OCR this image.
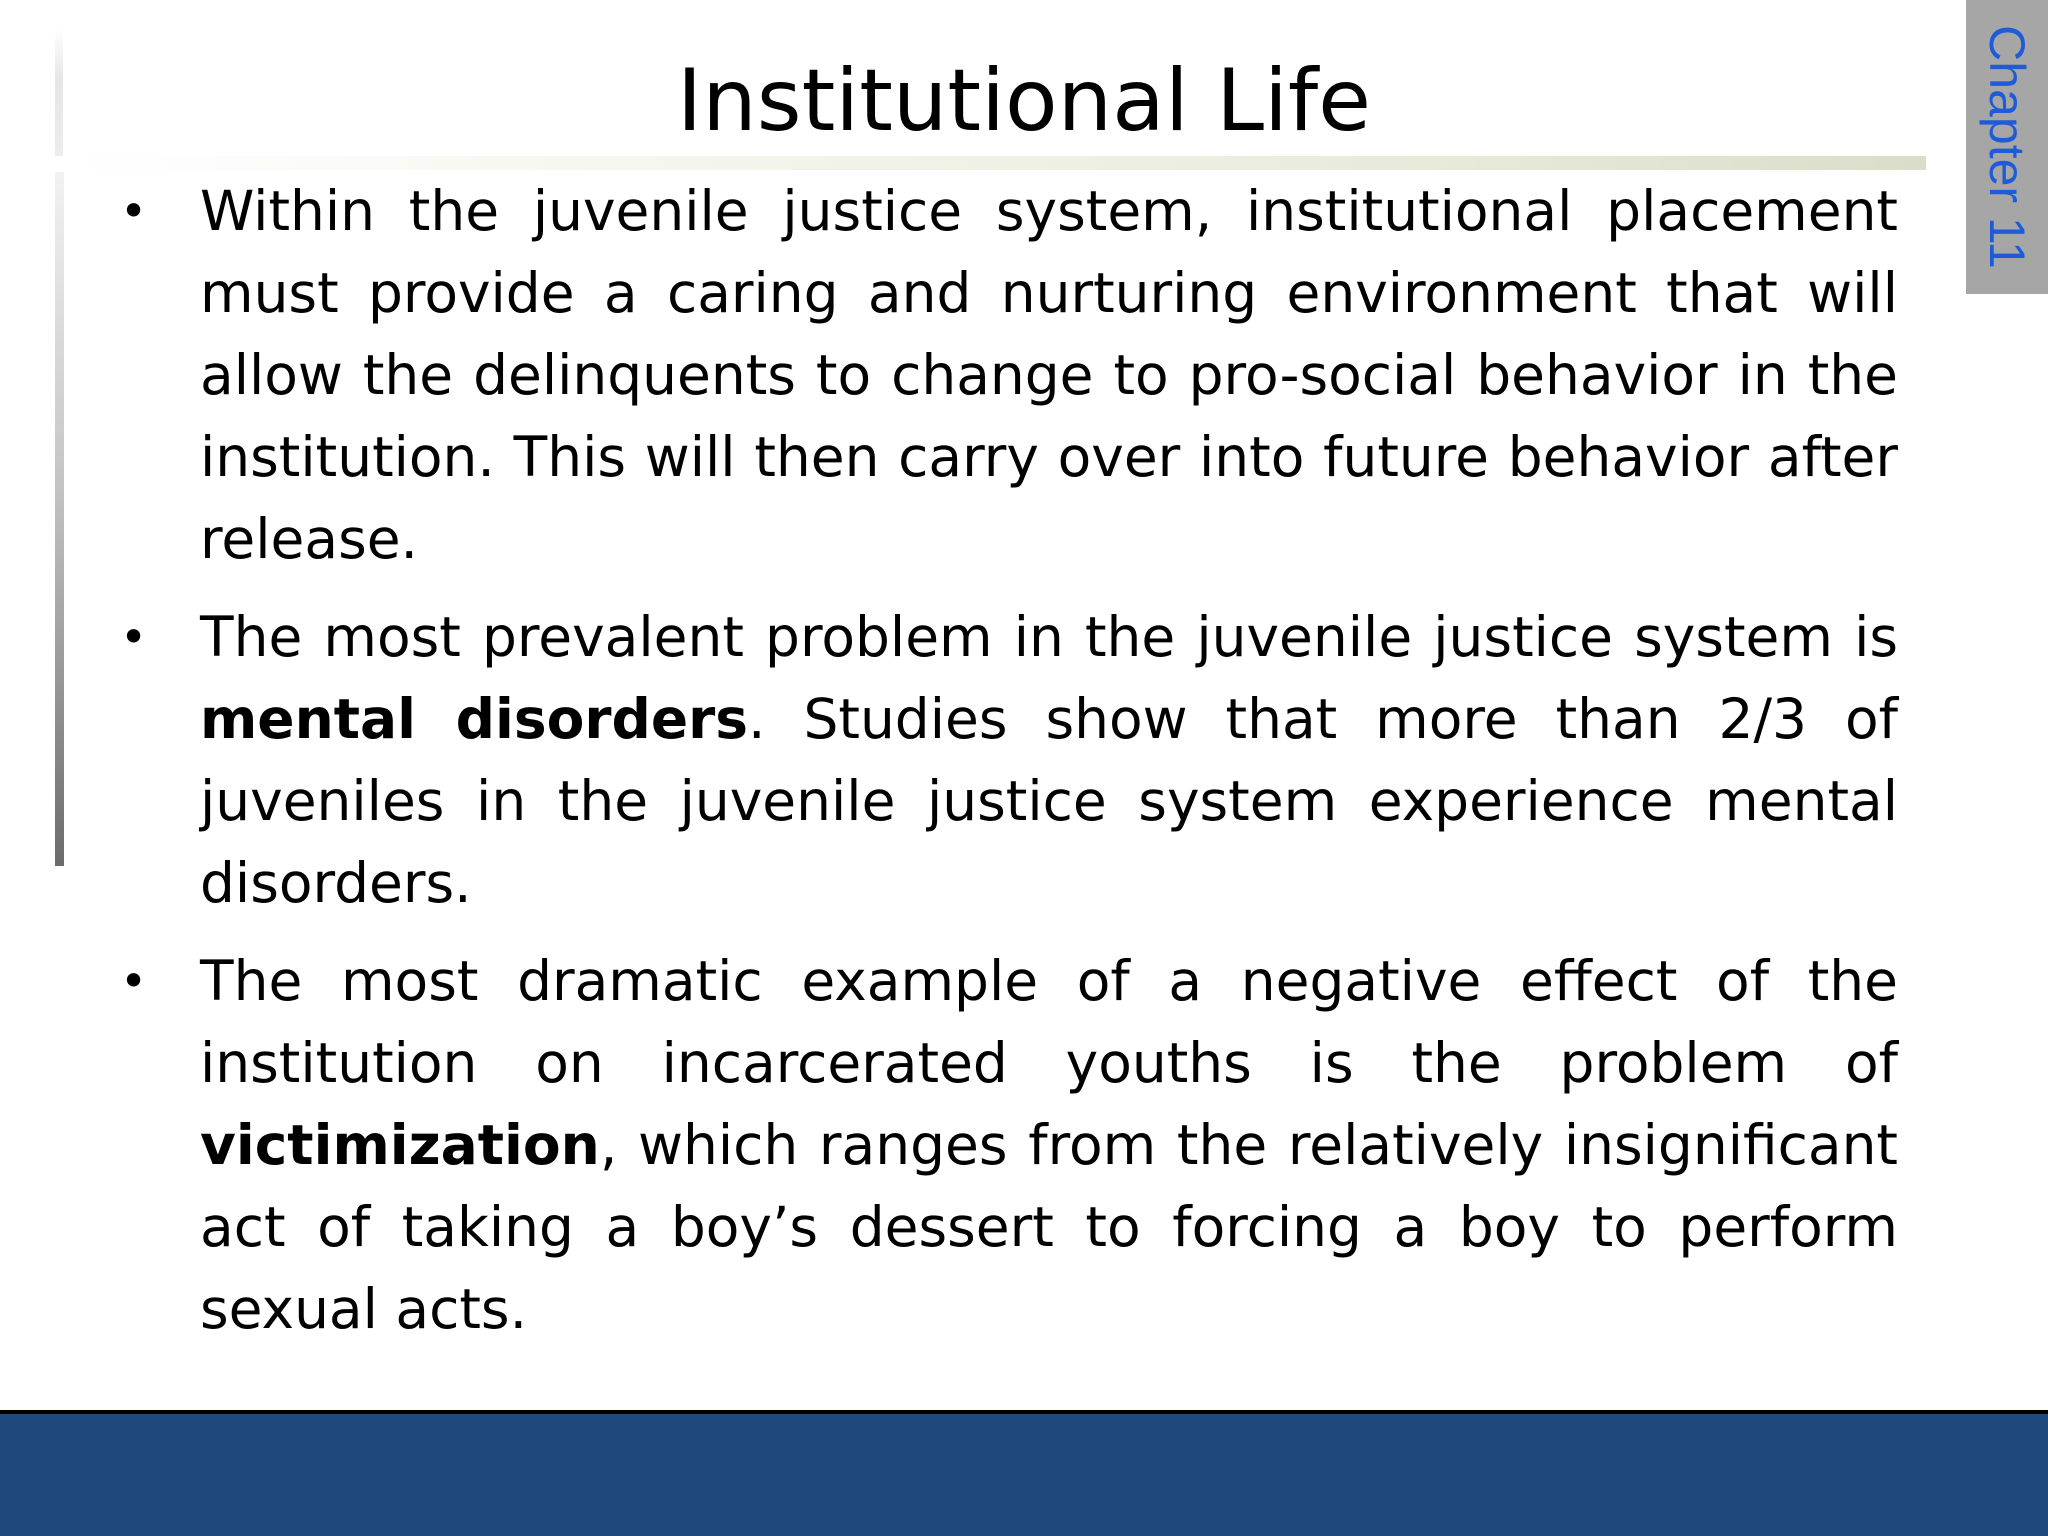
Institutional Life	Chapter 11
• Within the juvenile justice system, institutional placement must provide a caring and nurturing environment that will allow the delinquents to change to pro-social behavior in the institution. This will then carry over into future behavior after release.
• The most prevalent problem in the juvenile justice system is mental disorders. Studies show that more than 2/3 of juveniles in the juvenile justice system experience mental disorders.
• The most dramatic example of a negative effect of the institution on incarcerated youths is the problem of victimization, which ranges from the relatively insignificant act of taking a boy’s dessert to forcing a boy to perform sexual acts.
